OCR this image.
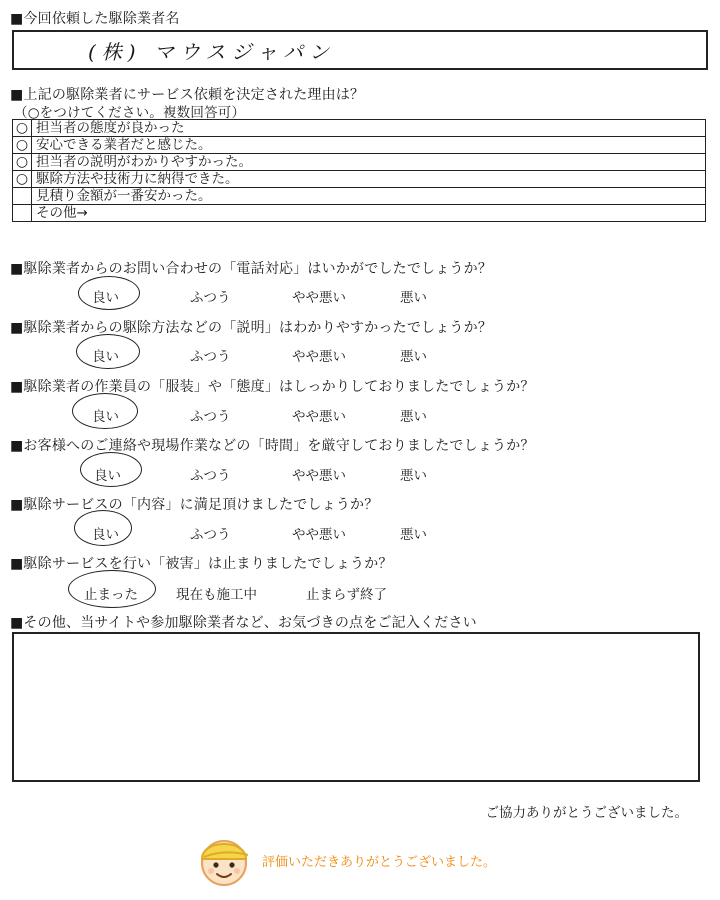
■今回依頼した駆除業者名
(株) マウスジャパン
■上記の駆除業者にサービス依頼を決定された理由は？
（○をつけてください。複数回答可）
○	担当者の態度が良かった
○	安心できる業者だと感じた。
○	担当者の説明がわかりやすかった。
○	駆除方法や技術力に納得できた。
	見積り金額が一番安かった。
	その他→
■駆除業者からのお問い合わせの「電話対応」はいかがでしたでしょうか？
良い	ふつう	やや悪い	悪い
■駆除業者からの駆除方法などの「説明」はわかりやすかったでしょうか？
良い	ふつう	やや悪い	悪い
■駆除業者の作業員の「服装」や「態度」はしっかりしておりましたでしょうか？
良い	ふつう	やや悪い	悪い
■お客様へのご連絡や現場作業などの「時間」を厳守しておりましたでしょうか？
良い	ふつう	やや悪い	悪い
■駆除サービスの「内容」に満足頂けましたでしょうか？
良い	ふつう	やや悪い	悪い
■駆除サービスを行い「被害」は止まりましたでしょうか？
止まった	現在も施工中	止まらず終了
■その他、当サイトや参加駆除業者など、お気づきの点をご記入ください
ご協力ありがとうございました。
評価いただきありがとうございました。
